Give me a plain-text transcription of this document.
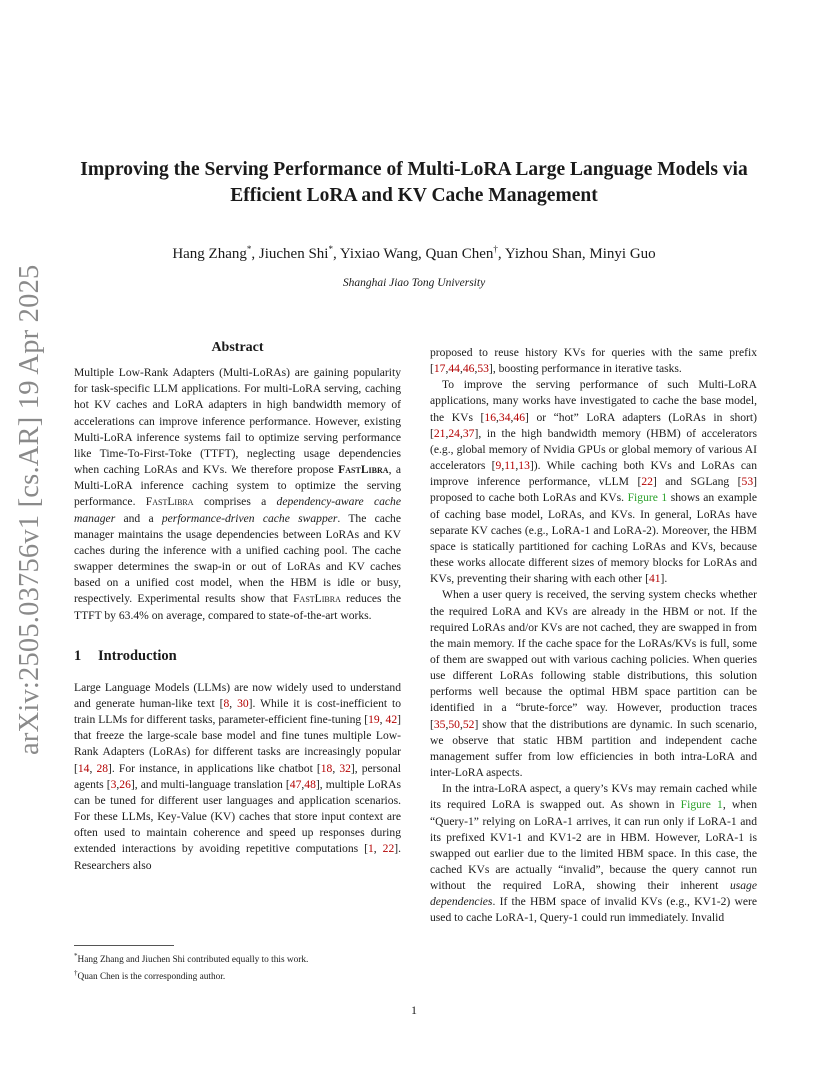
arXiv:2505.03756v1 [cs.AR] 19 Apr 2025
Improving the Serving Performance of Multi-LoRA Large Language Models via Efficient LoRA and KV Cache Management
Hang Zhang*, Jiuchen Shi*, Yixiao Wang, Quan Chen†, Yizhou Shan, Minyi Guo
Shanghai Jiao Tong University
Abstract

Multiple Low-Rank Adapters (Multi-LoRAs) are gaining popularity for task-specific LLM applications. For multi-LoRA serving, caching hot KV caches and LoRA adapters in high bandwidth memory of accelerations can improve inference performance. However, existing Multi-LoRA inference systems fail to optimize serving performance like Time-To-First-Toke (TTFT), neglecting usage dependencies when caching LoRAs and KVs. We therefore propose FastLibra, a Multi-LoRA inference caching system to optimize the serving performance. FastLibra comprises a dependency-aware cache manager and a performance-driven cache swapper. The cache manager maintains the usage dependencies between LoRAs and KV caches during the inference with a unified caching pool. The cache swapper determines the swap-in or out of LoRAs and KV caches based on a unified cost model, when the HBM is idle or busy, respectively. Experimental results show that FastLibra reduces the TTFT by 63.4% on average, compared to state-of-the-art works.

1 Introduction

Large Language Models (LLMs) are now widely used to understand and generate human-like text [8, 30]. While it is cost-inefficient to train LLMs for different tasks, parameter-efficient fine-tuning [19, 42] that freeze the large-scale base model and fine tunes multiple Low-Rank Adapters (LoRAs) for different tasks are increasingly popular [14, 28]. For instance, in applications like chatbot [18, 32], personal agents [3,26], and multi-language translation [47,48], multiple LoRAs can be tuned for different user languages and application scenarios. For these LLMs, Key-Value (KV) caches that store input context are often used to maintain coherence and speed up responses during extended interactions by avoiding repetitive computations [1, 22]. Researchers also

proposed to reuse history KVs for queries with the same prefix [17,44,46,53], boosting performance in iterative tasks.

To improve the serving performance of such Multi-LoRA applications, many works have investigated to cache the base model, the KVs [16,34,46] or “hot” LoRA adapters (LoRAs in short) [21,24,37], in the high bandwidth memory (HBM) of accelerators (e.g., global memory of Nvidia GPUs or global memory of various AI accelerators [9,11,13]). While caching both KVs and LoRAs can improve inference performance, vLLM [22] and SGLang [53] proposed to cache both LoRAs and KVs. Figure 1 shows an example of caching base model, LoRAs, and KVs. In general, LoRAs have separate KV caches (e.g., LoRA-1 and LoRA-2). Moreover, the HBM space is statically partitioned for caching LoRAs and KVs, because these works allocate different sizes of memory blocks for LoRAs and KVs, preventing their sharing with each other [41].

When a user query is received, the serving system checks whether the required LoRA and KVs are already in the HBM or not. If the required LoRAs and/or KVs are not cached, they are swapped in from the main memory. If the cache space for the LoRAs/KVs is full, some of them are swapped out with various caching policies. When queries use different LoRAs following stable distributions, this solution performs well because the optimal HBM space partition can be identified in a “brute-force” way. However, production traces [35,50,52] show that the distributions are dynamic. In such scenario, we observe that static HBM partition and independent cache management suffer from low efficiencies in both intra-LoRA and inter-LoRA aspects.

In the intra-LoRA aspect, a query’s KVs may remain cached while its required LoRA is swapped out. As shown in Figure 1, when “Query-1” relying on LoRA-1 arrives, it can run only if LoRA-1 and its prefixed KV1-1 and KV1-2 are in HBM. However, LoRA-1 is swapped out earlier due to the limited HBM space. In this case, the cached KVs are actually “invalid”, because the query cannot run without the required LoRA, showing their inherent usage dependencies. If the HBM space of invalid KVs (e.g., KV1-2) were used to cache LoRA-1, Query-1 could run immediately. Invalid

*Hang Zhang and Jiuchen Shi contributed equally to this work.
†Quan Chen is the corresponding author.
1
